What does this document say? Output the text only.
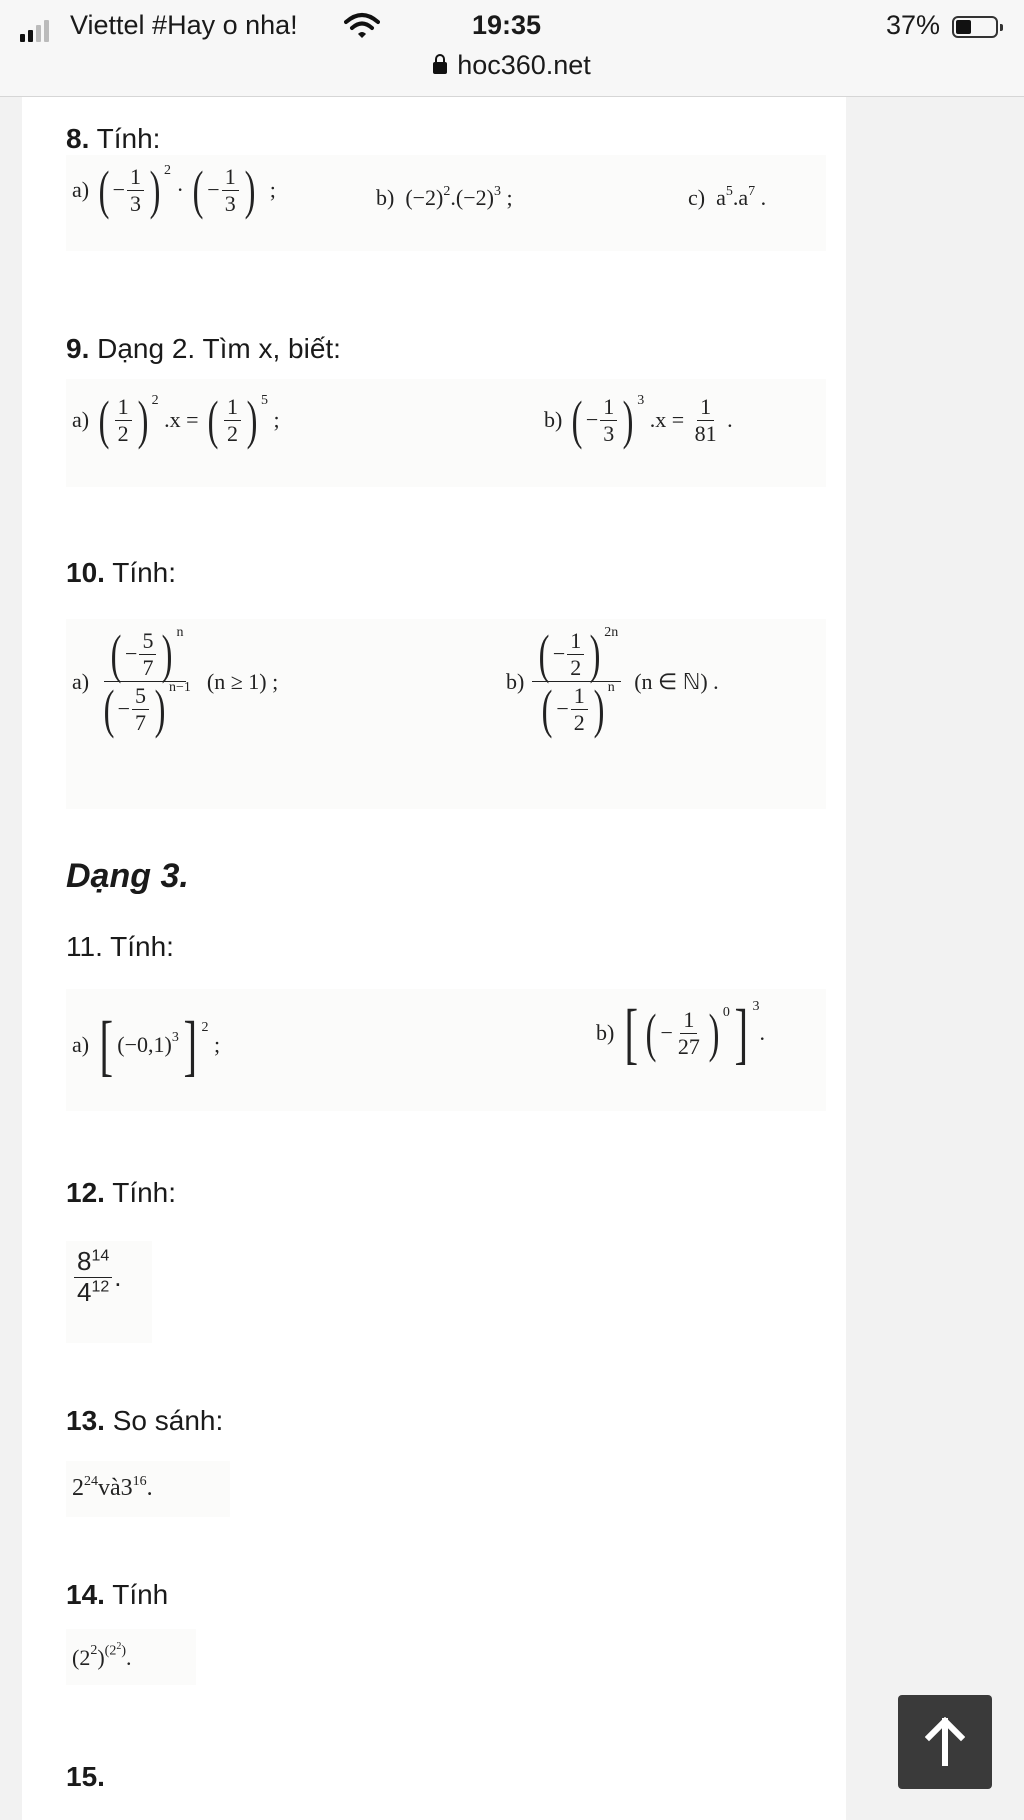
Viettel #Hay o nha!	19:35	37%
hoc360.net
8. Tính:
a)
( − $\frac{1}{3}$ ) $^2$
· ( − $\frac{1}{3}$ )
;	b)
$(-2)^2$ $.(-2)^3$
;	c)
$a^5$ $.a^7$
.
9. Dạng 2. Tìm x, biết:
a)
( $\frac{1}{2}$ ) $^2$

.x =
( $\frac{1}{2}$ ) $^5$

;	b)
( − $\frac{1}{3}$ ) $^3$

.x =
$\frac{1}{81}$
.
10. Tính:
a)
$\frac{( - \frac{5}{7} ) ^n}{( - \frac{5}{7} ) ^{n-1}}$
(n ≥ 1) ;	b)
$\frac{( - \frac{1}{2} ) ^{2n}}{( - \frac{1}{2} ) ^n}$
(n ∈ ℕ) .
Dạng 3.
11. Tính:
a)
[ $(-0,1)^3$ ] $^2$

;	b)
[ ( − $\frac{1}{27}$ ) $^0$ ] $^3$
.
12. Tính:
$\frac{8^{14}}{4^{12}}$ .
13. So sánh:
$2^{24}$ và $3^{16}$ .
14. Tính
($2^2$ ) $^{(2^2)}$ .
15.
